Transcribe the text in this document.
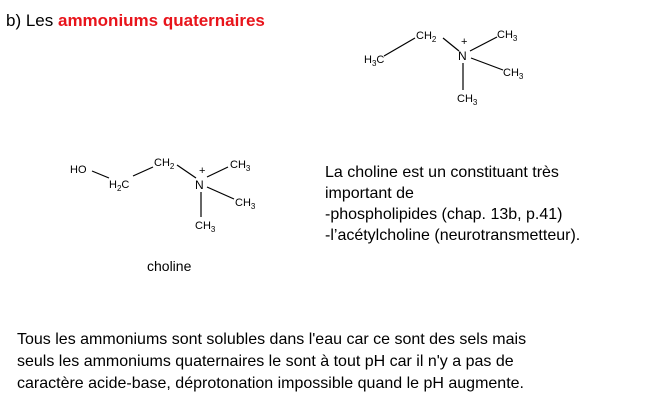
b) Les ammoniums quaternaires
$H_3C$
$CH_2$ +
N
$CH_3$
$CH_3$
$CH_3$
HO
$H_2C$
$CH_2$ +
N
$CH_3$
$CH_3$
$CH_3$
choline
La choline est un constituant très
important de
-phospholipides (chap. 13b, p.41)
-l’acétylcholine (neurotransmetteur).
Tous les ammoniums sont solubles dans l'eau car ce sont des sels mais
seuls les ammoniums quaternaires le sont à tout pH car il n'y a pas de
caractère acide-base, déprotonation impossible quand le pH augmente.
